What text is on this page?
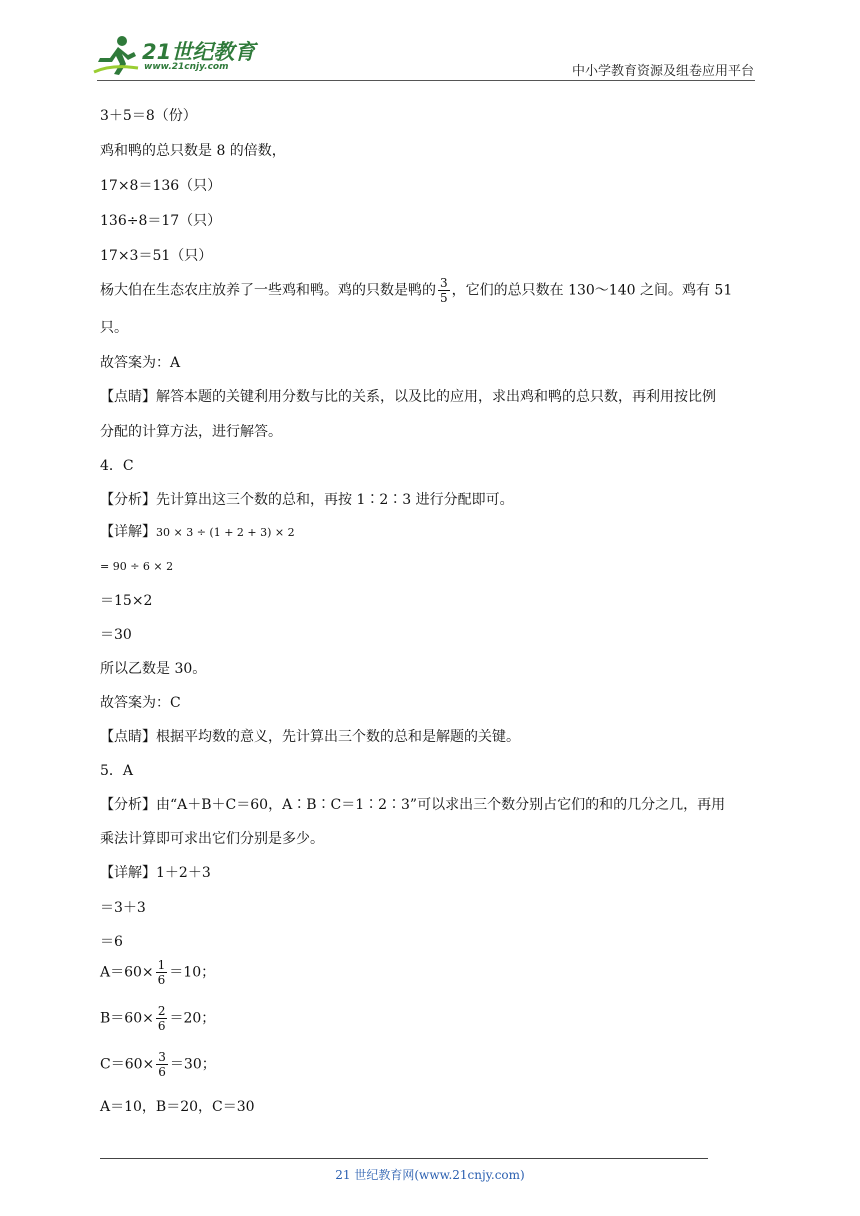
21世纪教育
www.21cnjy.com	中小学教育资源及组卷应用平台
3＋5＝8（份）
鸡和鸭的总只数是 8 的倍数，
17×8＝136（只）
136÷8＝17（只）
17×3＝51（只）
杨大伯在生态农庄放养了一些鸡和鸭。鸡的只数是鸭的 $\frac{3}{5}$ ，它们的总只数在 130～140 之间。鸡有 51
只。
故答案为：A
【点睛】解答本题的关键利用分数与比的关系，以及比的应用，求出鸡和鸭的总只数，再利用按比例
分配的计算方法，进行解答。
4．C
【分析】先计算出这三个数的总和，再按 1∶2∶3 进行分配即可。
【详解】30 × 3 ÷ (1 + 2 + 3) × 2
= 90 ÷ 6 × 2
＝15×2
＝30
所以乙数是 30。
故答案为：C
【点睛】根据平均数的意义，先计算出三个数的总和是解题的关键。
5．A
【分析】由“A＋B＋C＝60，A∶B∶C＝1∶2∶3”可以求出三个数分别占它们的和的几分之几，再用
乘法计算即可求出它们分别是多少。
【详解】1＋2＋3
＝3＋3
＝6
$A=60\times \frac{1}{6} =10$；
$B=60\times \frac{2}{6} =20$；
$C=60\times \frac{3}{6} =30$；
A＝10，B＝20，C＝30
21 世纪教育网(www.21cnjy.com)
